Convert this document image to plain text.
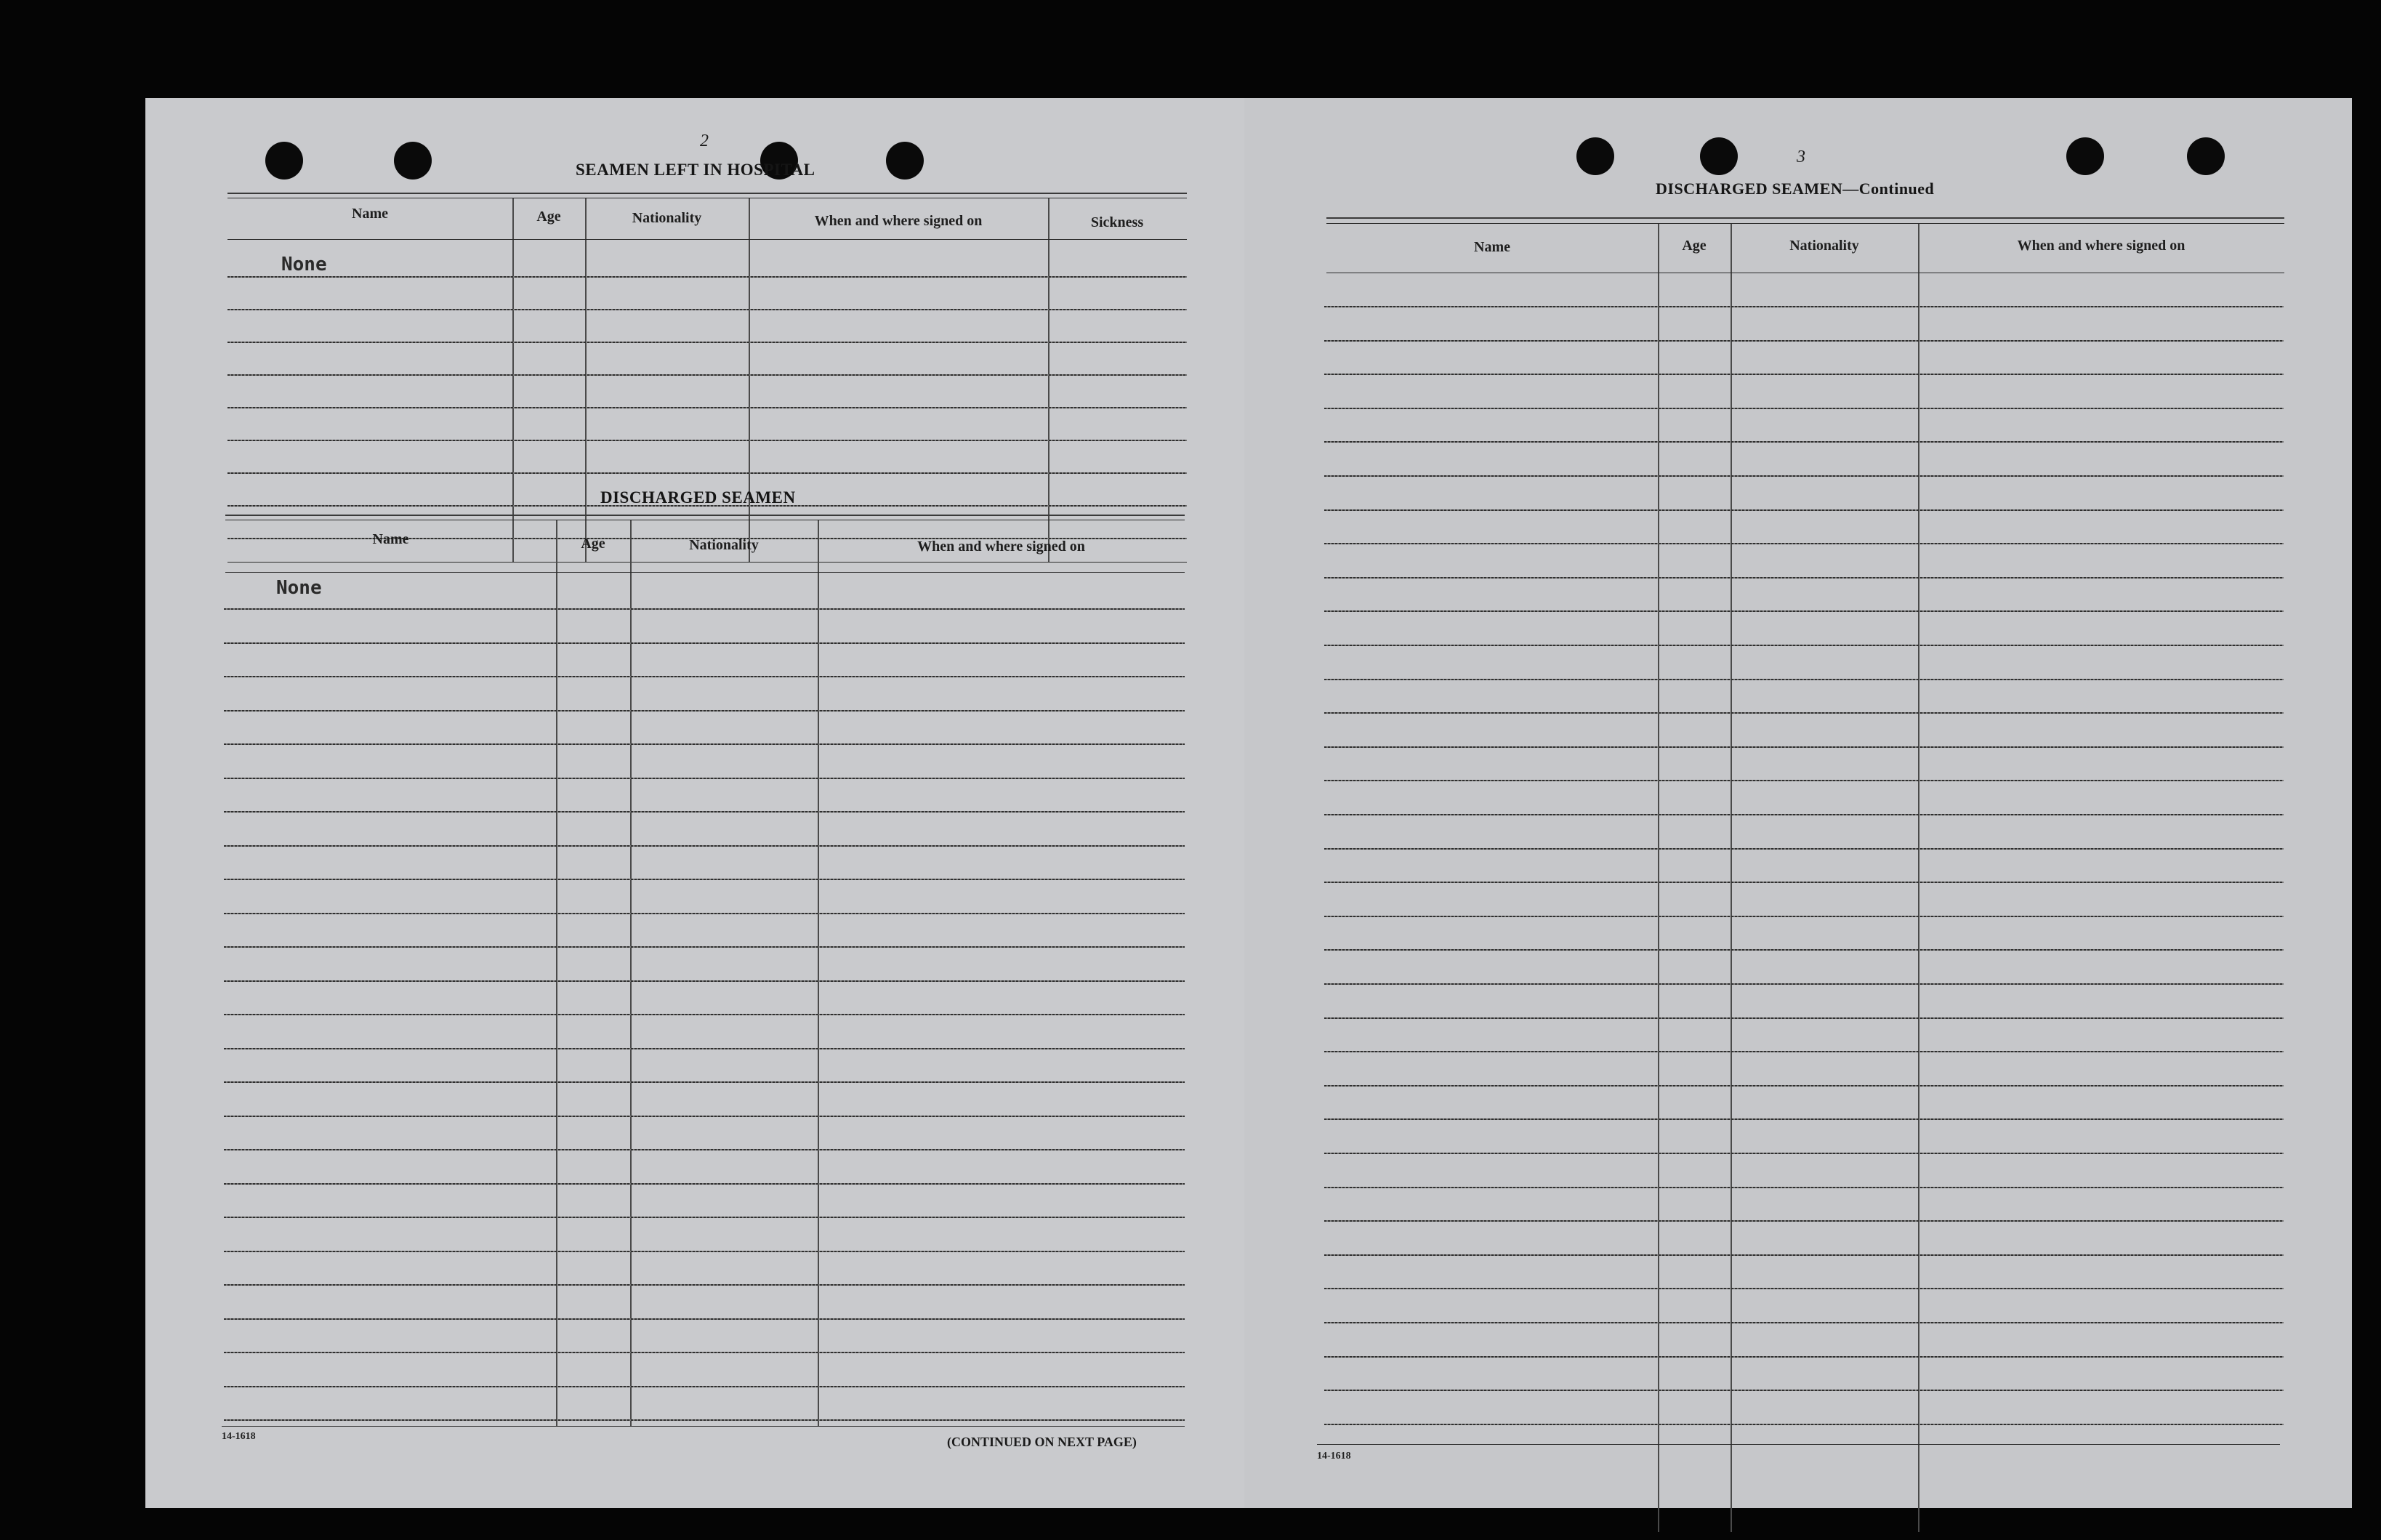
2
SEAMEN LEFT IN HOSPITAL
Name	Age	Nationality	When and where signed on	Sickness
None
DISCHARGED SEAMEN
Name	Age	Nationality	When and where signed on
None
14-1618	(CONTINUED ON NEXT PAGE)
3
DISCHARGED SEAMEN—Continued
Name	Age	Nationality	When and where signed on
14-1618
